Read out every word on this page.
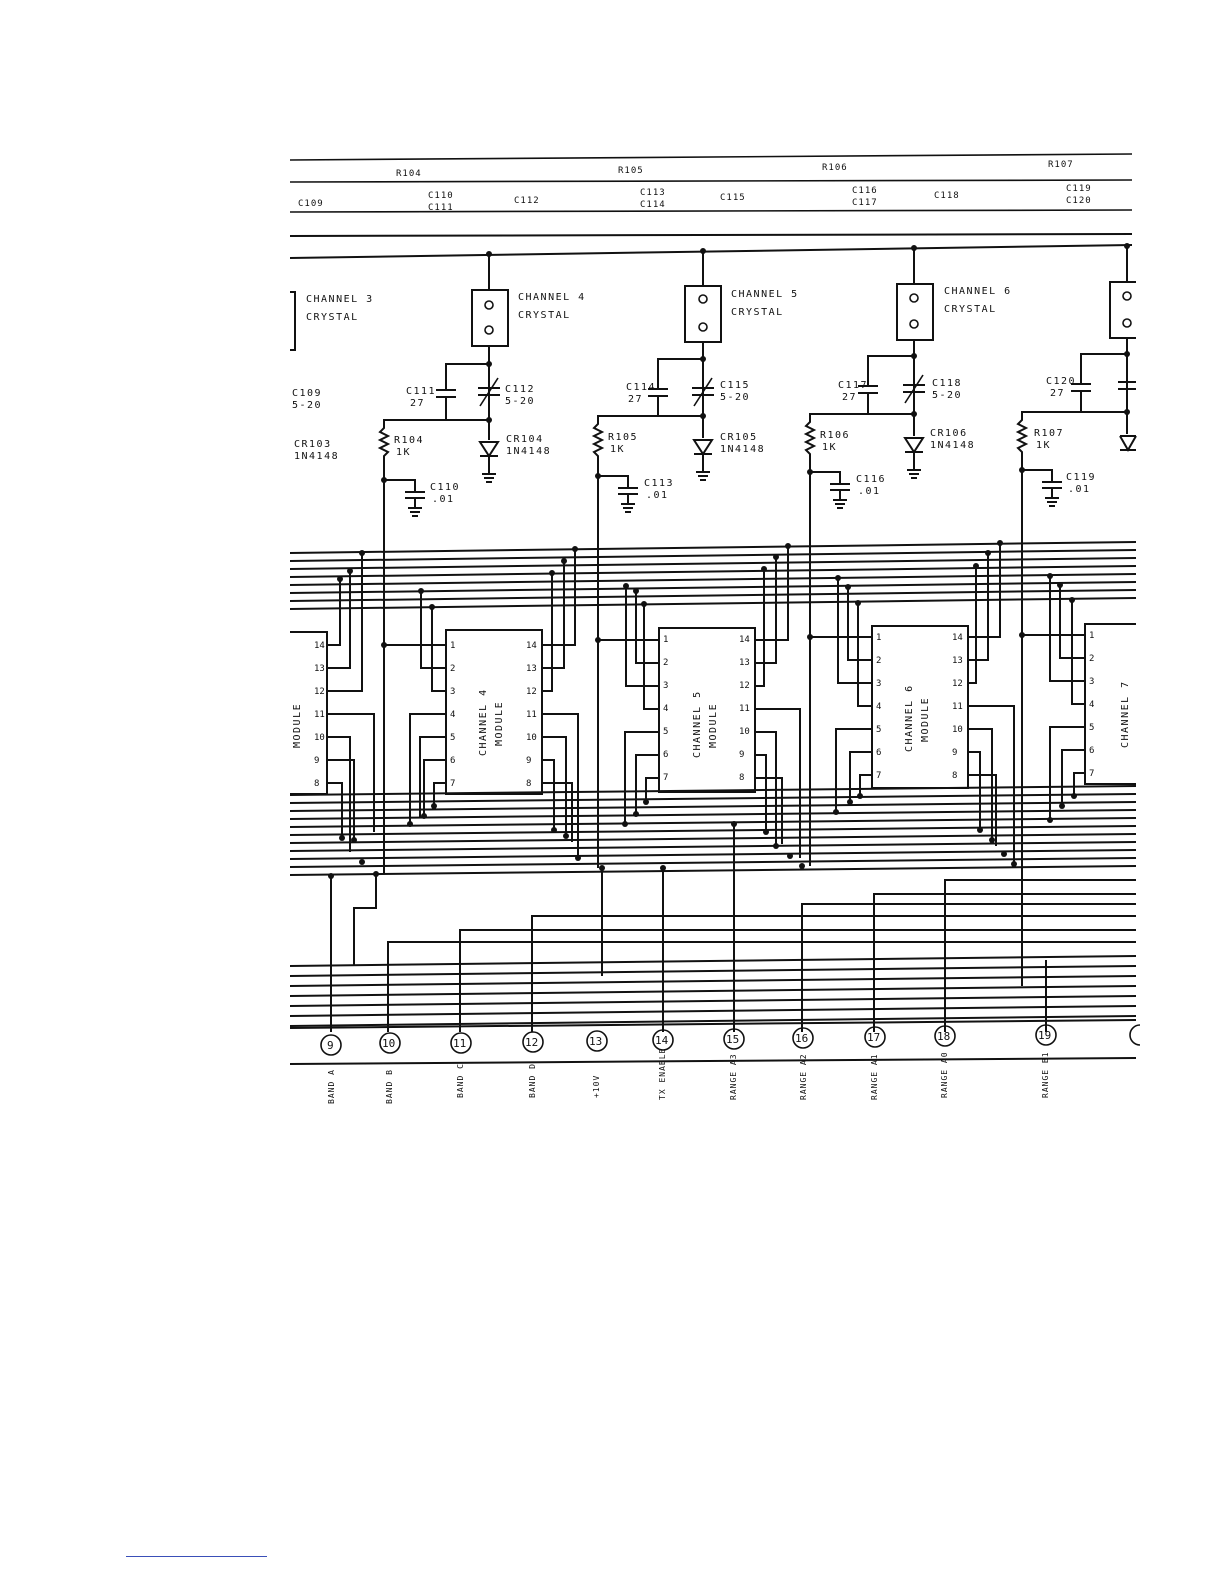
R104	R105	R106	R107
C109
C110
C111
C112
C113
C114
C115
C116
C117
C118
C119
C120
CHANNEL 3
CRYSTAL
C109
5-20
CR103
1N4148
CHANNEL 4
CRYSTAL
C111
27
C112
5-20
R104
1K
CR104
1N4148
C110
.01
CHANNEL 5
CRYSTAL
C114
27
C115
5-20
R105
1K
CR105
1N4148
C113
.01
CHANNEL 6
CRYSTAL
C117
27
C118
5-20
R106
1K
CR106
1N4148
C116
.01
C120
27
R107
1K
C119
.01
14
13
12
11
10
9
8
MODULE
1
2
3
4
5
6
7
14
13
12
11
10
9
8
CHANNEL 4 MODULE
1
2
3
4
5
6
7
14
13
12
11
10
9
8
CHANNEL 5 MODULE
1
2
3
4
5
6
7
14
13
12
11
10
9
8
CHANNEL 6 MODULE
1
2
3
4
5
6
7
CHANNEL 7
9	10	11	12	13	14	15	16	17	18	19
BAND A	BAND B	BAND C	BAND D	+10V	TX ENABLE	RANGE A3	RANGE A2	RANGE A1	RANGE A0	RANGE B1
